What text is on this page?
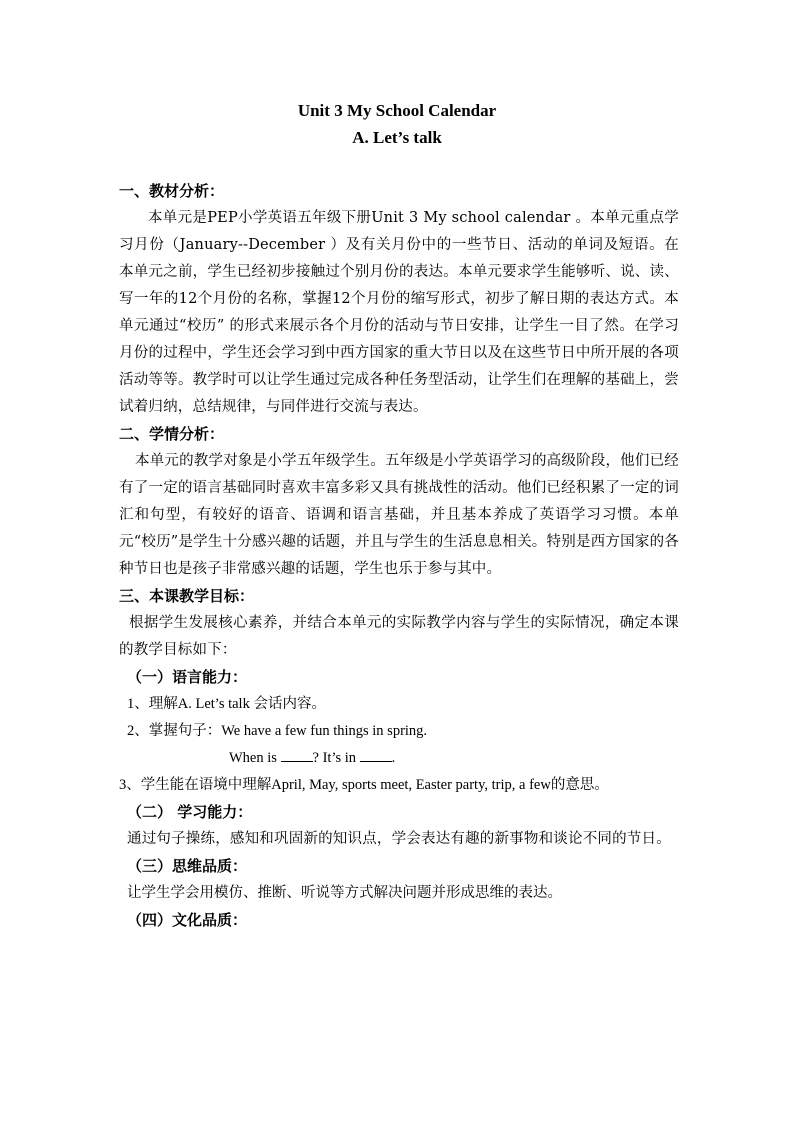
Unit 3 My School Calendar
A. Let’s talk
一、教材分析：
本单元是PEP小学英语五年级下册Unit 3 My school calendar 。本单元重点学习月份（January--December ）及有关月份中的一些节日、活动的单词及短语。在本单元之前，学生已经初步接触过个别月份的表达。本单元要求学生能够听、说、读、写一年的12个月份的名称，掌握12个月份的缩写形式，初步了解日期的表达方式。本单元通过“校历” 的形式来展示各个月份的活动与节日安排，让学生一目了然。在学习月份的过程中，学生还会学习到中西方国家的重大节日以及在这些节日中所开展的各项活动等等。教学时可以让学生通过完成各种任务型活动，让学生们在理解的基础上，尝试着归纳，总结规律，与同伴进行交流与表达。
二、学情分析：
本单元的教学对象是小学五年级学生。五年级是小学英语学习的高级阶段，他们已经有了一定的语言基础同时喜欢丰富多彩又具有挑战性的活动。他们已经积累了一定的词汇和句型，有较好的语音、语调和语言基础，并且基本养成了英语学习习惯。本单元“校历”是学生十分感兴趣的话题，并且与学生的生活息息相关。特别是西方国家的各种节日也是孩子非常感兴趣的话题，学生也乐于参与其中。
三、本课教学目标：
根据学生发展核心素养，并结合本单元的实际教学内容与学生的实际情况，确定本课的教学目标如下：
（一）语言能力：
1、理解A. Let’s talk 会话内容。
2、掌握句子：We have a few fun things in spring.
When is ? It’s in .
3、学生能在语境中理解April, May, sports meet, Easter party, trip, a few的意思。
（二） 学习能力：
通过句子操练，感知和巩固新的知识点，学会表达有趣的新事物和谈论不同的节日。
（三）思维品质：
让学生学会用模仿、推断、听说等方式解决问题并形成思维的表达。
（四）文化品质：
